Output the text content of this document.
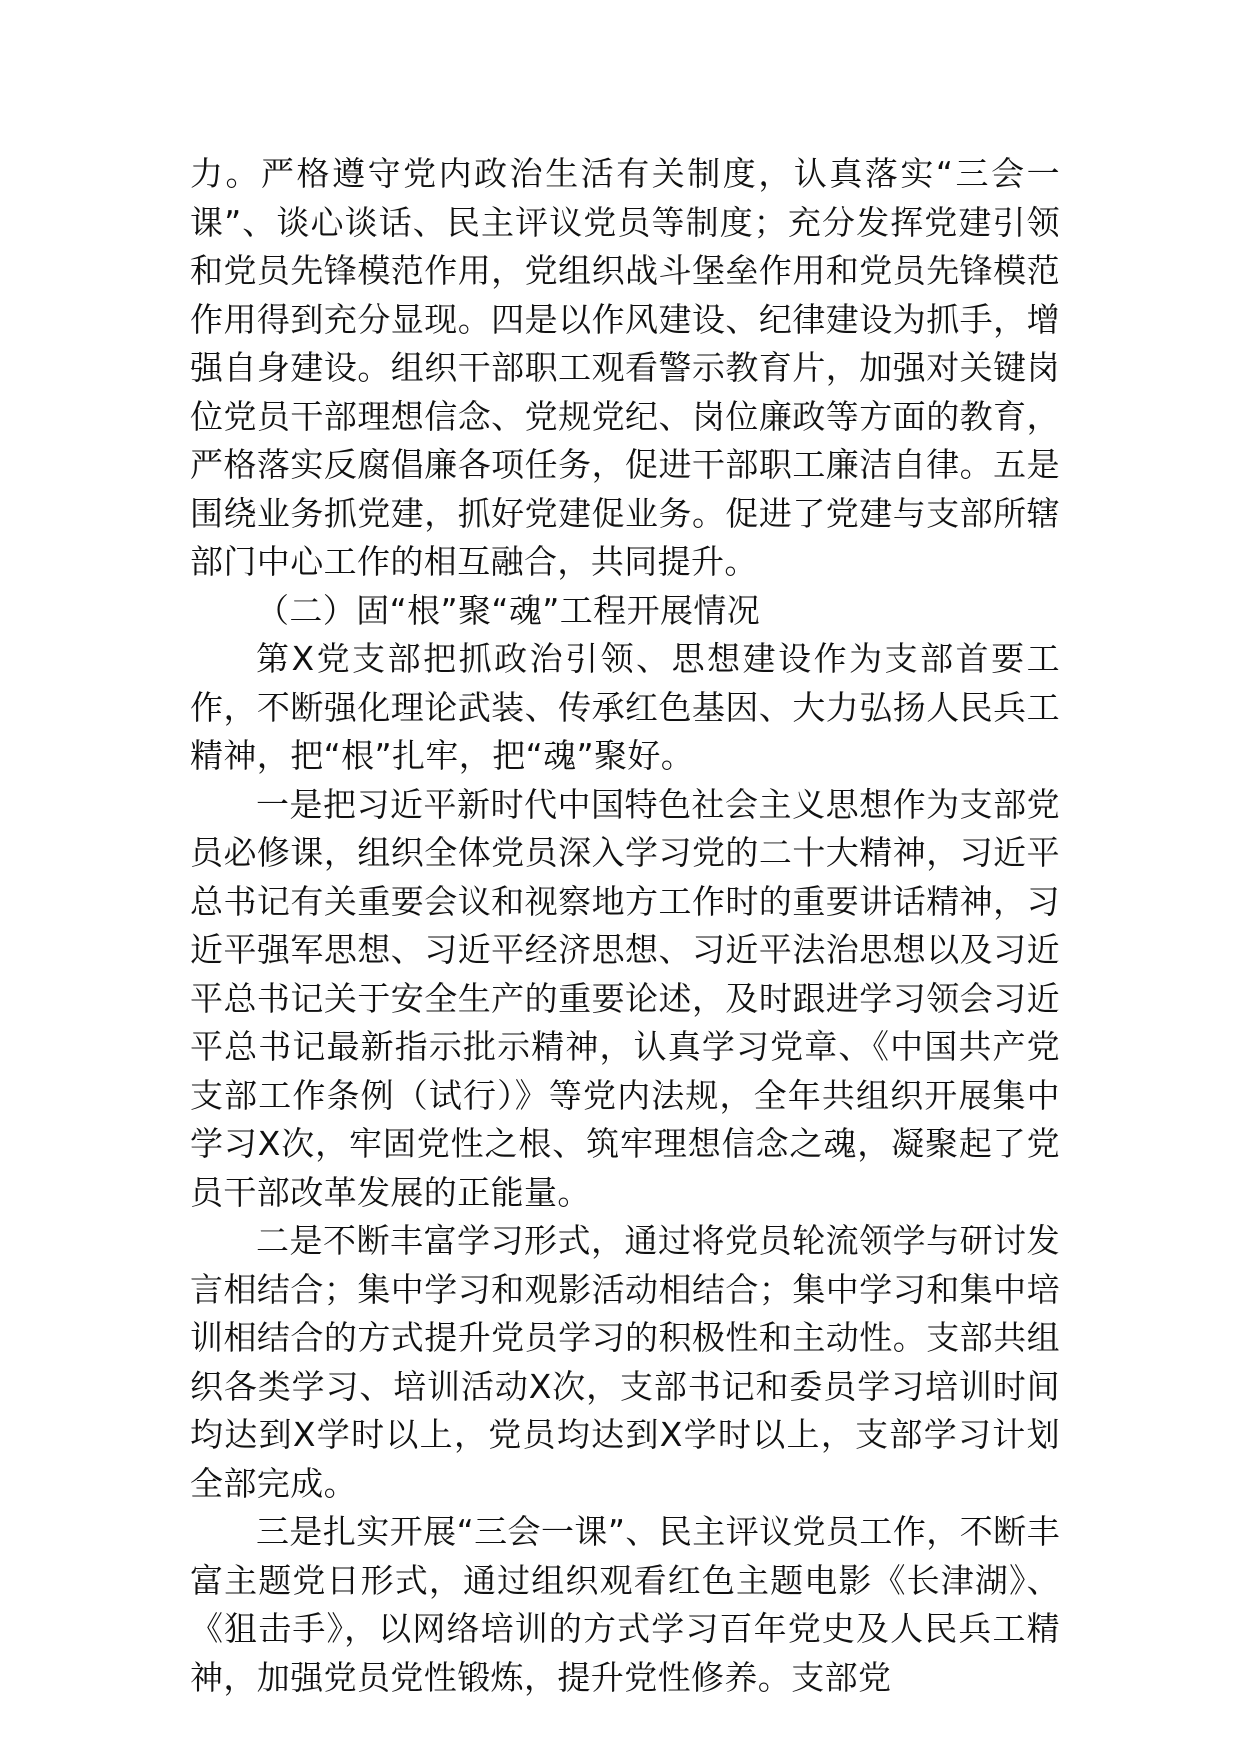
力。严格遵守党内政治生活有关制度，认真落实“三会一课”、谈心谈话、民主评议党员等制度；充分发挥党建引领和党员先锋模范作用，党组织战斗堡垒作用和党员先锋模范作用得到充分显现。四是以作风建设、纪律建设为抓手，增强自身建设。组织干部职工观看警示教育片，加强对关键岗位党员干部理想信念、党规党纪、岗位廉政等方面的教育，严格落实反腐倡廉各项任务，促进干部职工廉洁自律。五是围绕业务抓党建，抓好党建促业务。促进了党建与支部所辖部门中心工作的相互融合，共同提升。

（二）固“根”聚“魂”工程开展情况

第X党支部把抓政治引领、思想建设作为支部首要工作，不断强化理论武装、传承红色基因、大力弘扬人民兵工精神，把“根”扎牢，把“魂”聚好。

一是把习近平新时代中国特色社会主义思想作为支部党员必修课，组织全体党员深入学习党的二十大精神，习近平总书记有关重要会议和视察地方工作时的重要讲话精神，习近平强军思想、习近平经济思想、习近平法治思想以及习近平总书记关于安全生产的重要论述，及时跟进学习领会习近平总书记最新指示批示精神，认真学习党章、《中国共产党支部工作条例（试行）》等党内法规，全年共组织开展集中学习X次，牢固党性之根、筑牢理想信念之魂，凝聚起了党员干部改革发展的正能量。

二是不断丰富学习形式，通过将党员轮流领学与研讨发言相结合；集中学习和观影活动相结合；集中学习和集中培训相结合的方式提升党员学习的积极性和主动性。支部共组织各类学习、培训活动X次，支部书记和委员学习培训时间均达到X学时以上，党员均达到X学时以上，支部学习计划全部完成。

三是扎实开展“三会一课”、民主评议党员工作，不断丰富主题党日形式，通过组织观看红色主题电影《长津湖》、《狙击手》，以网络培训的方式学习百年党史及人民兵工精神，加强党员党性锻炼，提升党性修养。支部党
